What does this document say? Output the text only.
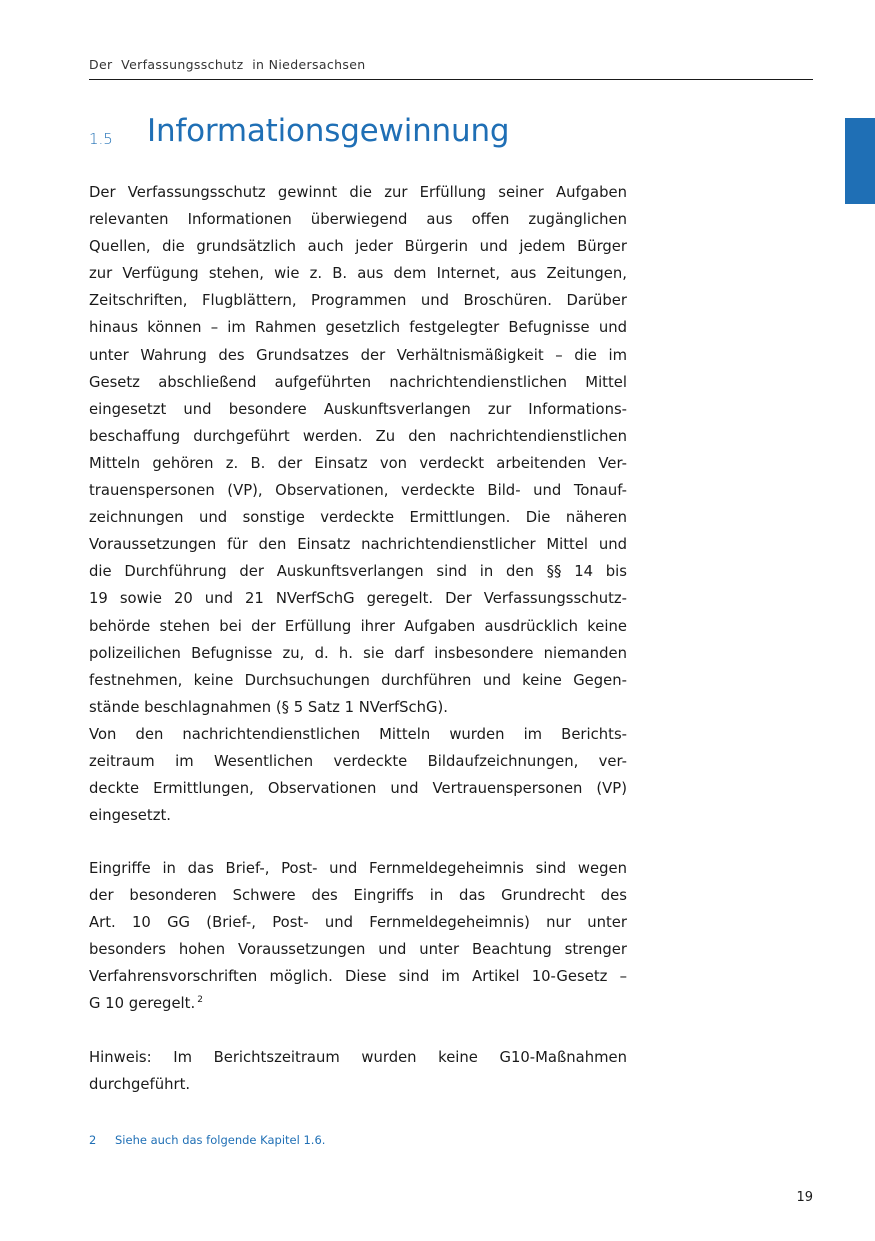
Der  Verfassungsschutz  in Niedersachsen
1.5 Informationsgewinnung
Der Verfassungsschutz gewinnt die zur Erfüllung seiner Aufgaben
relevanten Informationen überwiegend aus offen zugänglichen
Quellen, die grundsätzlich auch jeder Bürgerin und jedem Bürger
zur Verfügung stehen, wie z. B. aus dem Internet, aus Zeitungen,
Zeitschriften, Flugblättern, Programmen und Broschüren. Darüber
hinaus können – im Rahmen gesetzlich festgelegter Befugnisse und
unter Wahrung des Grundsatzes der Verhältnismäßigkeit – die im
Gesetz abschließend aufgeführten nachrichtendienstlichen Mittel
eingesetzt und besondere Auskunftsverlangen zur Informations-
beschaffung durchgeführt werden. Zu den nachrichtendienstlichen
Mitteln gehören z. B. der Einsatz von verdeckt arbeitenden Ver-
trauenspersonen (VP), Observationen, verdeckte Bild- und Tonauf-
zeichnungen und sonstige verdeckte Ermittlungen. Die näheren
Voraussetzungen für den Einsatz nachrichtendienstlicher Mittel und
die Durchführung der Auskunftsverlangen sind in den §§ 14 bis
19 sowie 20 und 21 NVerfSchG geregelt. Der Verfassungsschutz-
behörde stehen bei der Erfüllung ihrer Aufgaben ausdrücklich keine
polizeilichen Befugnisse zu, d. h. sie darf insbesondere niemanden
festnehmen, keine Durchsuchungen durchführen und keine Gegen-
stände beschlagnahmen (§ 5 Satz 1 NVerfSchG).
Von den nachrichtendienstlichen Mitteln wurden im Berichts-
zeitraum im Wesentlichen verdeckte Bildaufzeichnungen, ver-
deckte Ermittlungen, Observationen und Vertrauenspersonen (VP)
eingesetzt.
Eingriffe in das Brief-, Post- und Fernmeldegeheimnis sind wegen
der besonderen Schwere des Eingriffs in das Grundrecht des
Art. 10 GG (Brief-, Post- und Fernmeldegeheimnis) nur unter
besonders hohen Voraussetzungen und unter Beachtung strenger
Verfahrensvorschriften möglich. Diese sind im Artikel 10-Gesetz –
G 10 geregelt. $^2$
Hinweis: Im Berichtszeitraum wurden keine G10-Maßnahmen
durchgeführt.
2 Siehe auch das folgende Kapitel 1.6.
19
